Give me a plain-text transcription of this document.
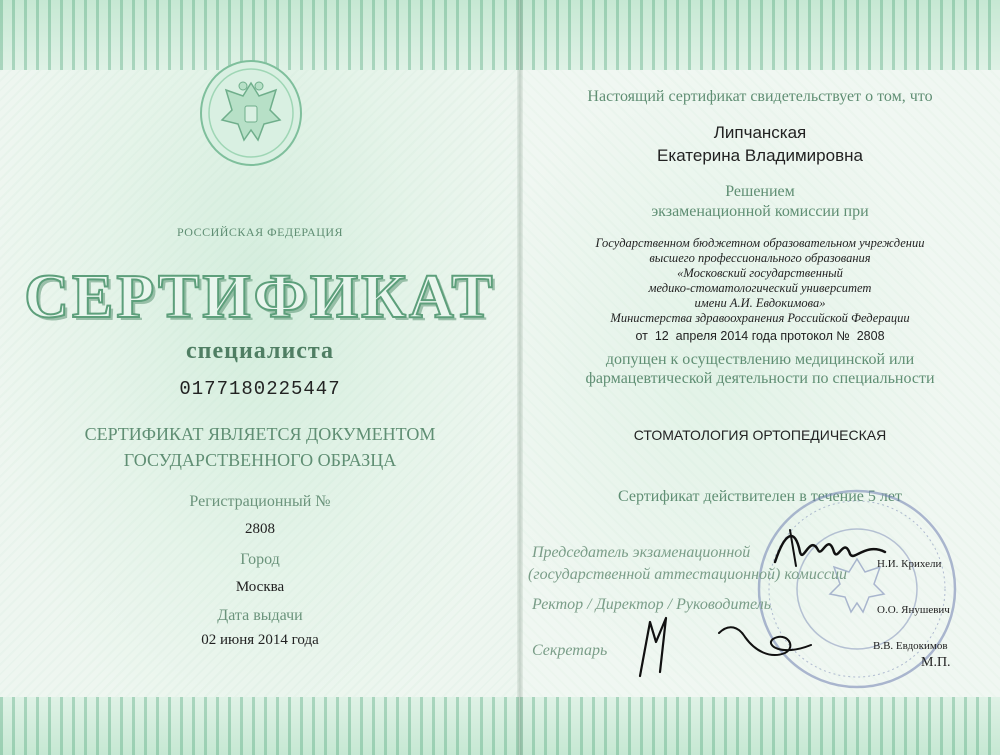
РОССИЙСКАЯ ФЕДЕРАЦИЯ
СЕРТИФИКАТ
специалиста
0177180225447
СЕРТИФИКАТ ЯВЛЯЕТСЯ ДОКУМЕНТОМ
ГОСУДАРСТВЕННОГО ОБРАЗЦА
Регистрационный №
2808
Город
Москва
Дата выдачи
02 июня 2014 года
Настоящий сертификат свидетельствует о том, что
Липчанская
Екатерина Владимировна
Решением
экзаменационной комиссии при
Государственном бюджетном образовательном учреждении
высшего профессионального образования
«Московский государственный
медико-стоматологический университет
имени А.И. Евдокимова»
Министерства здравоохранения Российской Федерации
от  12  апреля 2014 года протокол №  2808
допущен к осуществлению медицинской или
фармацевтической деятельности по специальности
СТОМАТОЛОГИЯ ОРТОПЕДИЧЕСКАЯ
Сертификат действителен в течение 5 лет
Председатель экзаменационной
(государственной аттестационной) комиссии
Ректор / Директор / Руководитель
Секретарь
Н.И. Крихели
О.О. Янушевич
В.В. Евдокимов
М.П.
